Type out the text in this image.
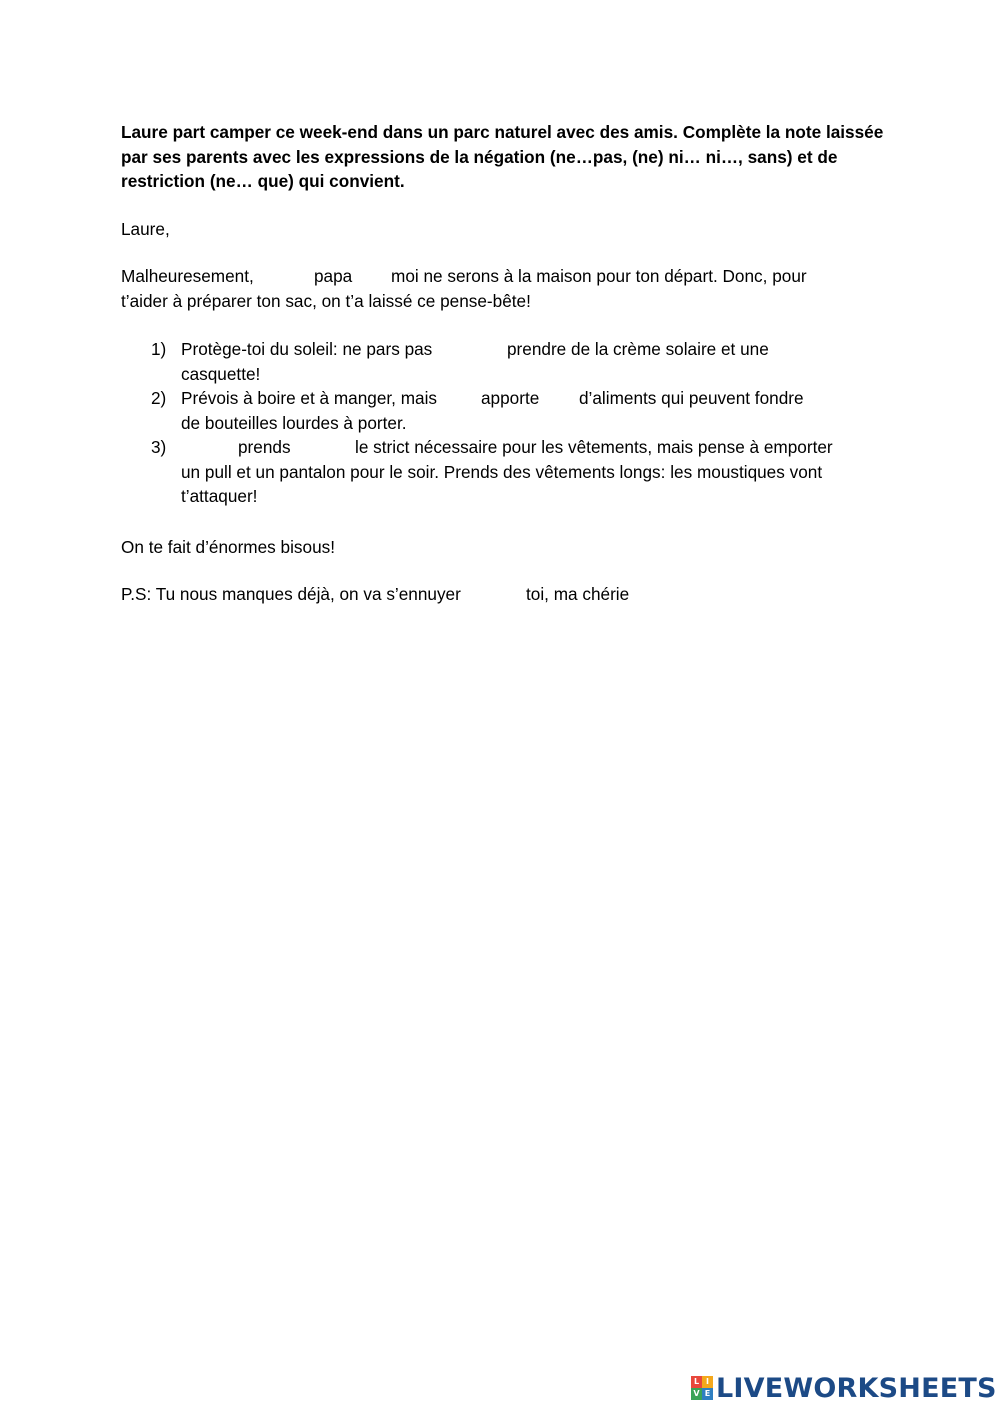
Laure part camper ce week-end dans un parc naturel avec des amis. Complète la note laissée par ses parents avec les expressions de la négation (ne…pas, (ne) ni… ni…, sans) et de restriction (ne… que) qui convient.
Laure,
Malheuresement,	papa moi ne serons à la maison pour ton départ. Donc, pour
t’aider à préparer ton sac, on t’a laissé ce pense-bête!
1) Protège-toi du soleil: ne pars pas	prendre de la crème solaire et une
casquette!
2) Prévois à boire et à manger, mais	apporte d’aliments qui peuvent fondre
de bouteilles lourdes à porter.
3)	prends	le strict nécessaire pour les vêtements, mais pense à emporter
un pull et un pantalon pour le soir. Prends des vêtements longs: les moustiques vont
t’attaquer!
On te fait d’énormes bisous!
P.S: Tu nous manques déjà, on va s’ennuyer	toi, ma chérie
L I
V E LIVEWORKSHEETS
